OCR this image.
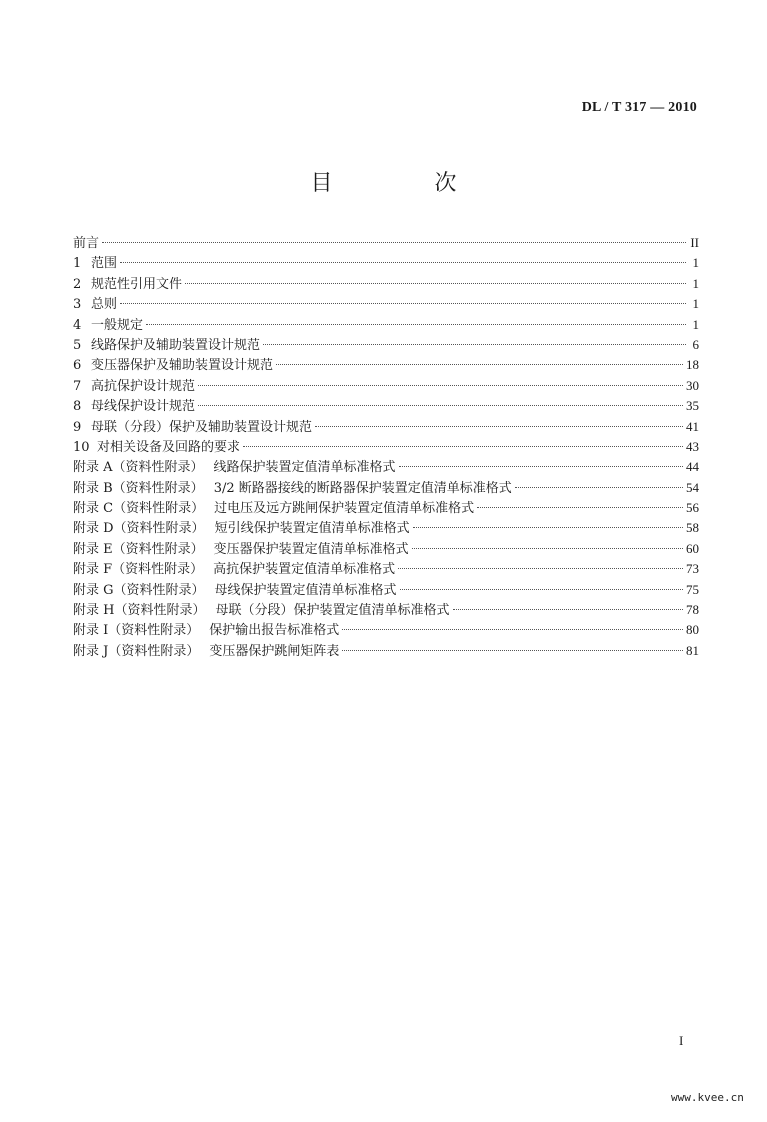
DL / T 317 — 2010
目　次
前言	II
1 范围	1
2 规范性引用文件	1
3 总则	1
4 一般规定	1
5 线路保护及辅助装置设计规范	6
6 变压器保护及辅助装置设计规范	18
7 高抗保护设计规范	30
8 母线保护设计规范	35
9 母联（分段）保护及辅助装置设计规范	41
10 对相关设备及回路的要求	43
附录 A（资料性附录） 线路保护装置定值清单标准格式	44
附录 B（资料性附录） 3/2 断路器接线的断路器保护装置定值清单标准格式	54
附录 C（资料性附录） 过电压及远方跳闸保护装置定值清单标准格式	56
附录 D（资料性附录） 短引线保护装置定值清单标准格式	58
附录 E（资料性附录） 变压器保护装置定值清单标准格式	60
附录 F（资料性附录） 高抗保护装置定值清单标准格式	73
附录 G（资料性附录） 母线保护装置定值清单标准格式	75
附录 H（资料性附录） 母联（分段）保护装置定值清单标准格式	78
附录 I（资料性附录） 保护输出报告标准格式	80
附录 J（资料性附录） 变压器保护跳闸矩阵表	81
I
www.kvee.cn
